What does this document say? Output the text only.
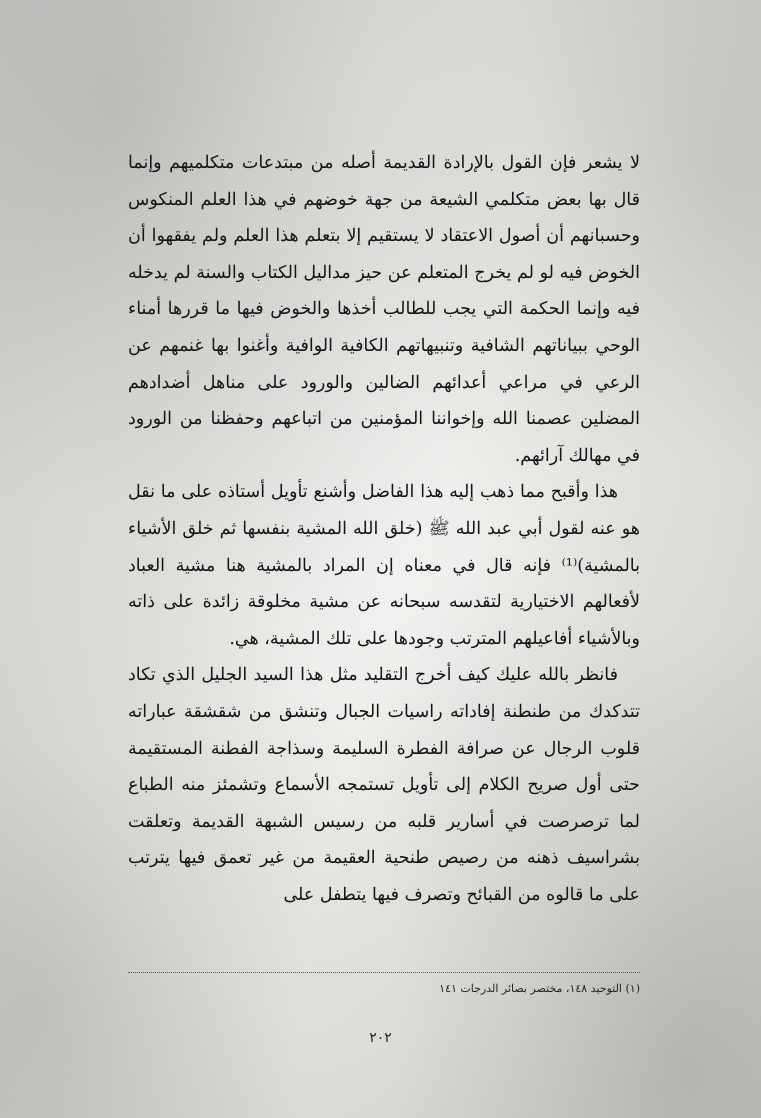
لا يشعر فإن القول بالإرادة القديمة أصله من مبتدعات متكلميهم وإنما قال بها بعض متكلمي الشيعة من جهة خوضهم في هذا العلم المنكوس وحسبانهم أن أصول الاعتقاد لا يستقيم إلا بتعلم هذا العلم ولم يفقهوا أن الخوض فيه لو لم يخرج المتعلم عن حيز مداليل الكتاب والسنة لم يدخله فيه وإنما الحكمة التي يجب للطالب أخذها والخوض فيها ما قررها أمناء الوحي ببياناتهم الشافية وتنبيهاتهم الكافية الوافية وأغنوا بها غنمهم عن الرعي في مراعي أعدائهم الضالين والورود على مناهل أضدادهم المضلين عصمنا الله وإخواننا المؤمنين من اتباعهم وحفظنا من الورود في مهالك آرائهم.

هذا وأقبح مما ذهب إليه هذا الفاضل وأشنع تأويل أستاذه على ما نقل هو عنه لقول أبي عبد الله ﷺ (خلق الله المشية بنفسها ثم خلق الأشياء بالمشية)⁽¹⁾ فإنه قال في معناه إن المراد بالمشية هنا مشية العباد لأفعالهم الاختيارية لتقدسه سبحانه عن مشية مخلوقة زائدة على ذاته وبالأشياء أفاعيلهم المترتب وجودها على تلك المشية، هي.

فانظر بالله عليك كيف أخرج التقليد مثل هذا السيد الجليل الذي تكاد تتدكدك من طنطنة إفاداته راسيات الجبال وتنشق من شقشقة عباراته قلوب الرجال عن صرافة الفطرة السليمة وسذاجة الفطنة المستقيمة حتى أول صريح الكلام إلى تأويل تستمجه الأسماع وتشمئز منه الطباع لما ترصرصت في أسارير قلبه من رسيس الشبهة القديمة وتعلقت بشراسيف ذهنه من رصيص طنحية العقيمة من غير تعمق فيها يترتب على ما قالوه من القبائح وتصرف فيها يتطفل على

(١) التوحيد ١٤٨، مختصر بصائر الدرجات ١٤١
٢٠٢
